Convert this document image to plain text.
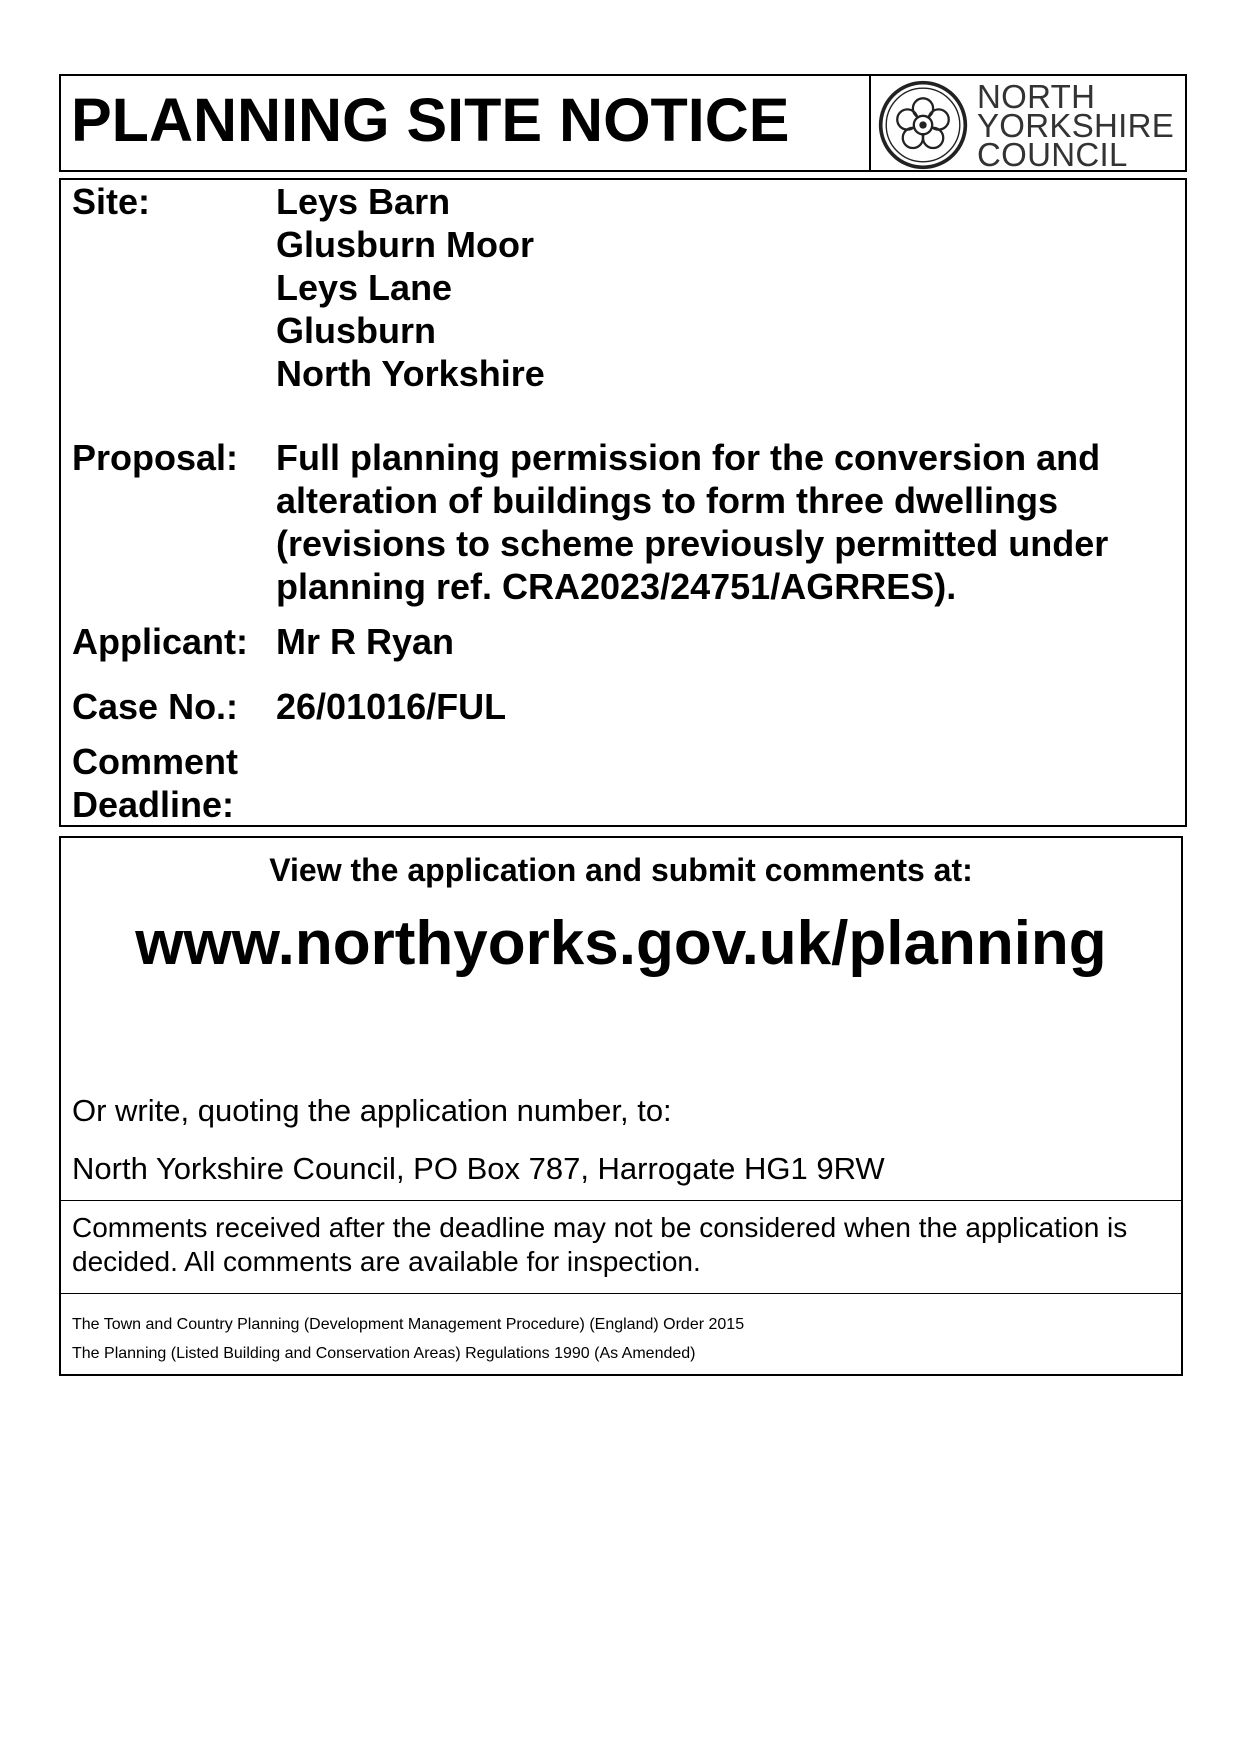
PLANNING SITE NOTICE	NORTH
YORKSHIRE
COUNCIL
Site:	Leys Barn
Glusburn Moor
Leys Lane
Glusburn
North Yorkshire
Proposal: Full planning permission for the conversion and
alteration of buildings to form three dwellings
(revisions to scheme previously permitted under
planning ref. CRA2023/24751/AGRRES).
Applicant: Mr R Ryan
Case No.: 26/01016/FUL
Comment
Deadline:
View the application and submit comments at:
www.northyorks.gov.uk/planning
Or write, quoting the application number, to:
North Yorkshire Council, PO Box 787, Harrogate HG1 9RW
Comments received after the deadline may not be considered when the application is
decided. All comments are available for inspection.
The Town and Country Planning (Development Management Procedure) (England) Order 2015
The Planning (Listed Building and Conservation Areas) Regulations 1990 (As Amended)
